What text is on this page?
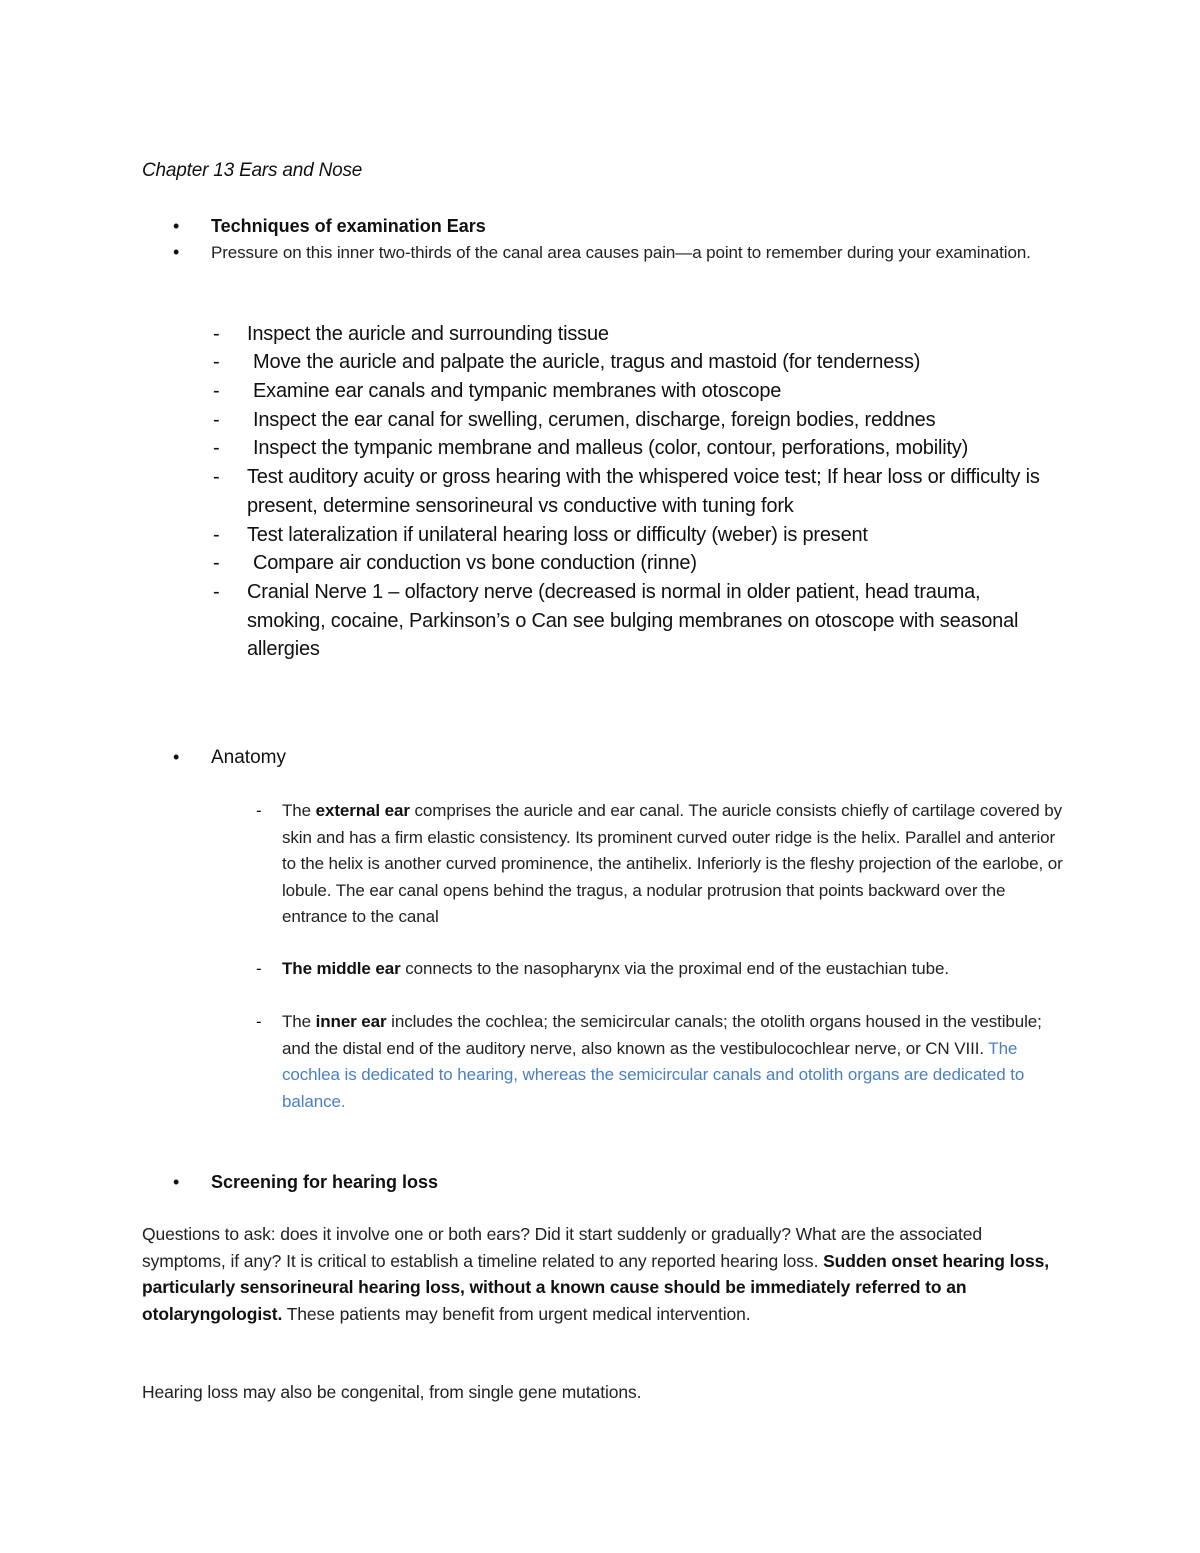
Chapter 13 Ears and Nose
• Techniques of examination Ears
• Pressure on this inner two-thirds of the canal area causes pain—a point to remember during your examination.
- Inspect the auricle and surrounding tissue
- Move the auricle and palpate the auricle, tragus and mastoid (for tenderness)
- Examine ear canals and tympanic membranes with otoscope
- Inspect the ear canal for swelling, cerumen, discharge, foreign bodies, reddnes
- Inspect the tympanic membrane and malleus (color, contour, perforations, mobility)
- Test auditory acuity or gross hearing with the whispered voice test; If hear loss or difficulty is present, determine sensorineural vs conductive with tuning fork
- Test lateralization if unilateral hearing loss or difficulty (weber) is present
- Compare air conduction vs bone conduction (rinne)
- Cranial Nerve 1 – olfactory nerve (decreased is normal in older patient, head trauma, smoking, cocaine, Parkinson’s o Can see bulging membranes on otoscope with seasonal allergies
• Anatomy
- The external ear comprises the auricle and ear canal. The auricle consists chiefly of cartilage covered by skin and has a firm elastic consistency. Its prominent curved outer ridge is the helix. Parallel and anterior to the helix is another curved prominence, the antihelix. Inferiorly is the fleshy projection of the earlobe, or lobule. The ear canal opens behind the tragus, a nodular protrusion that points backward over the entrance to the canal
- The middle ear connects to the nasopharynx via the proximal end of the eustachian tube.
- The inner ear includes the cochlea; the semicircular canals; the otolith organs housed in the vestibule; and the distal end of the auditory nerve, also known as the vestibulocochlear nerve, or CN VIII. The cochlea is dedicated to hearing, whereas the semicircular canals and otolith organs are dedicated to balance.
• Screening for hearing loss
Questions to ask: does it involve one or both ears? Did it start suddenly or gradually? What are the associated symptoms, if any? It is critical to establish a timeline related to any reported hearing loss. Sudden onset hearing loss, particularly sensorineural hearing loss, without a known cause should be immediately referred to an otolaryngologist. These patients may benefit from urgent medical intervention.
Hearing loss may also be congenital, from single gene mutations.
